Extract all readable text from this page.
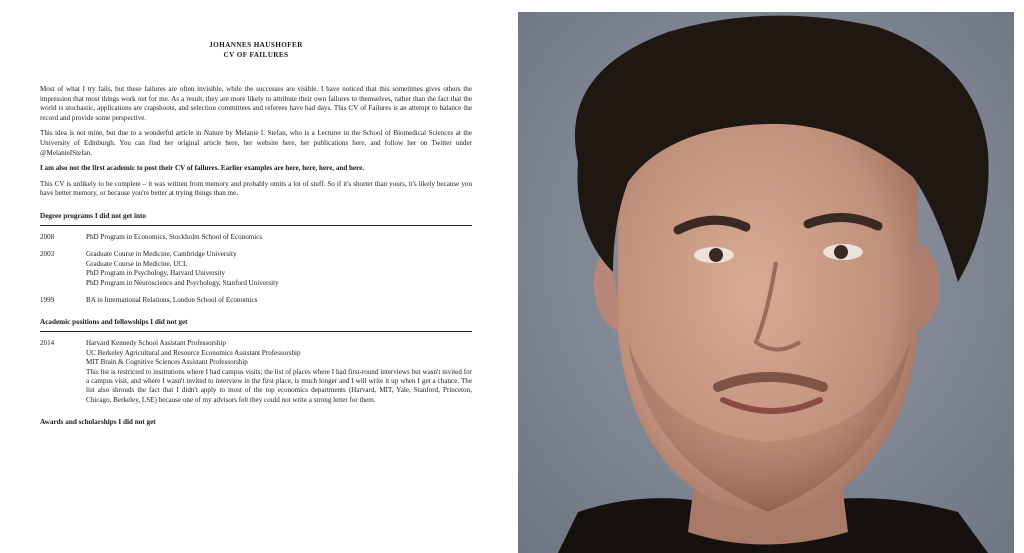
JOHANNES HAUSHOFER
CV OF FAILURES

Most of what I try fails, but these failures are often invisible, while the successes are visible. I have noticed that this sometimes gives others the impression that most things work out for me. As a result, they are more likely to attribute their own failures to themselves, rather than the fact that the world is stochastic, applications are crapshoots, and selection committees and referees have bad days. This CV of Failures is an attempt to balance the record and provide some perspective.

This idea is not mine, but due to a wonderful article in Nature by Melanie I. Stefan, who is a Lecturer in the School of Biomedical Sciences at the University of Edinburgh. You can find her original article here, her website here, her publications here, and follow her on Twitter under @MelanieIStefan.

I am also not the first academic to post their CV of failures. Earlier examples are here, here, here, and here.

This CV is unlikely to be complete – it was written from memory and probably omits a lot of stuff. So if it's shorter than yours, it's likely because you have better memory, or because you're better at trying things than me.

Degree programs I did not get into
2008	PhD Program in Economics, Stockholm School of Economics
2003	Graduate Course in Medicine, Cambridge University
Graduate Course in Medicine, UCL
PhD Program in Psychology, Harvard University
PhD Program in Neuroscience and Psychology, Stanford University
1999	BA in International Relations, London School of Economics
Academic positions and fellowships I did not get
2014	Harvard Kennedy School Assistant Professorship
UC Berkeley Agricultural and Resource Economics Assistant Professorship
MIT Brain & Cognitive Sciences Assistant Professorship
This list is restricted to institutions where I had campus visits; the list of places where I had first-round interviews but wasn't invited for a campus visit, and where I wasn't invited to interview in the first place, is much longer and I will write it up when I get a chance. The list also shrouds the fact that I didn't apply to most of the top economics departments (Harvard, MIT, Yale, Stanford, Princeton, Chicago, Berkeley, LSE) because one of my advisors felt they could not write a strong letter for them.
Awards and scholarships I did not get
